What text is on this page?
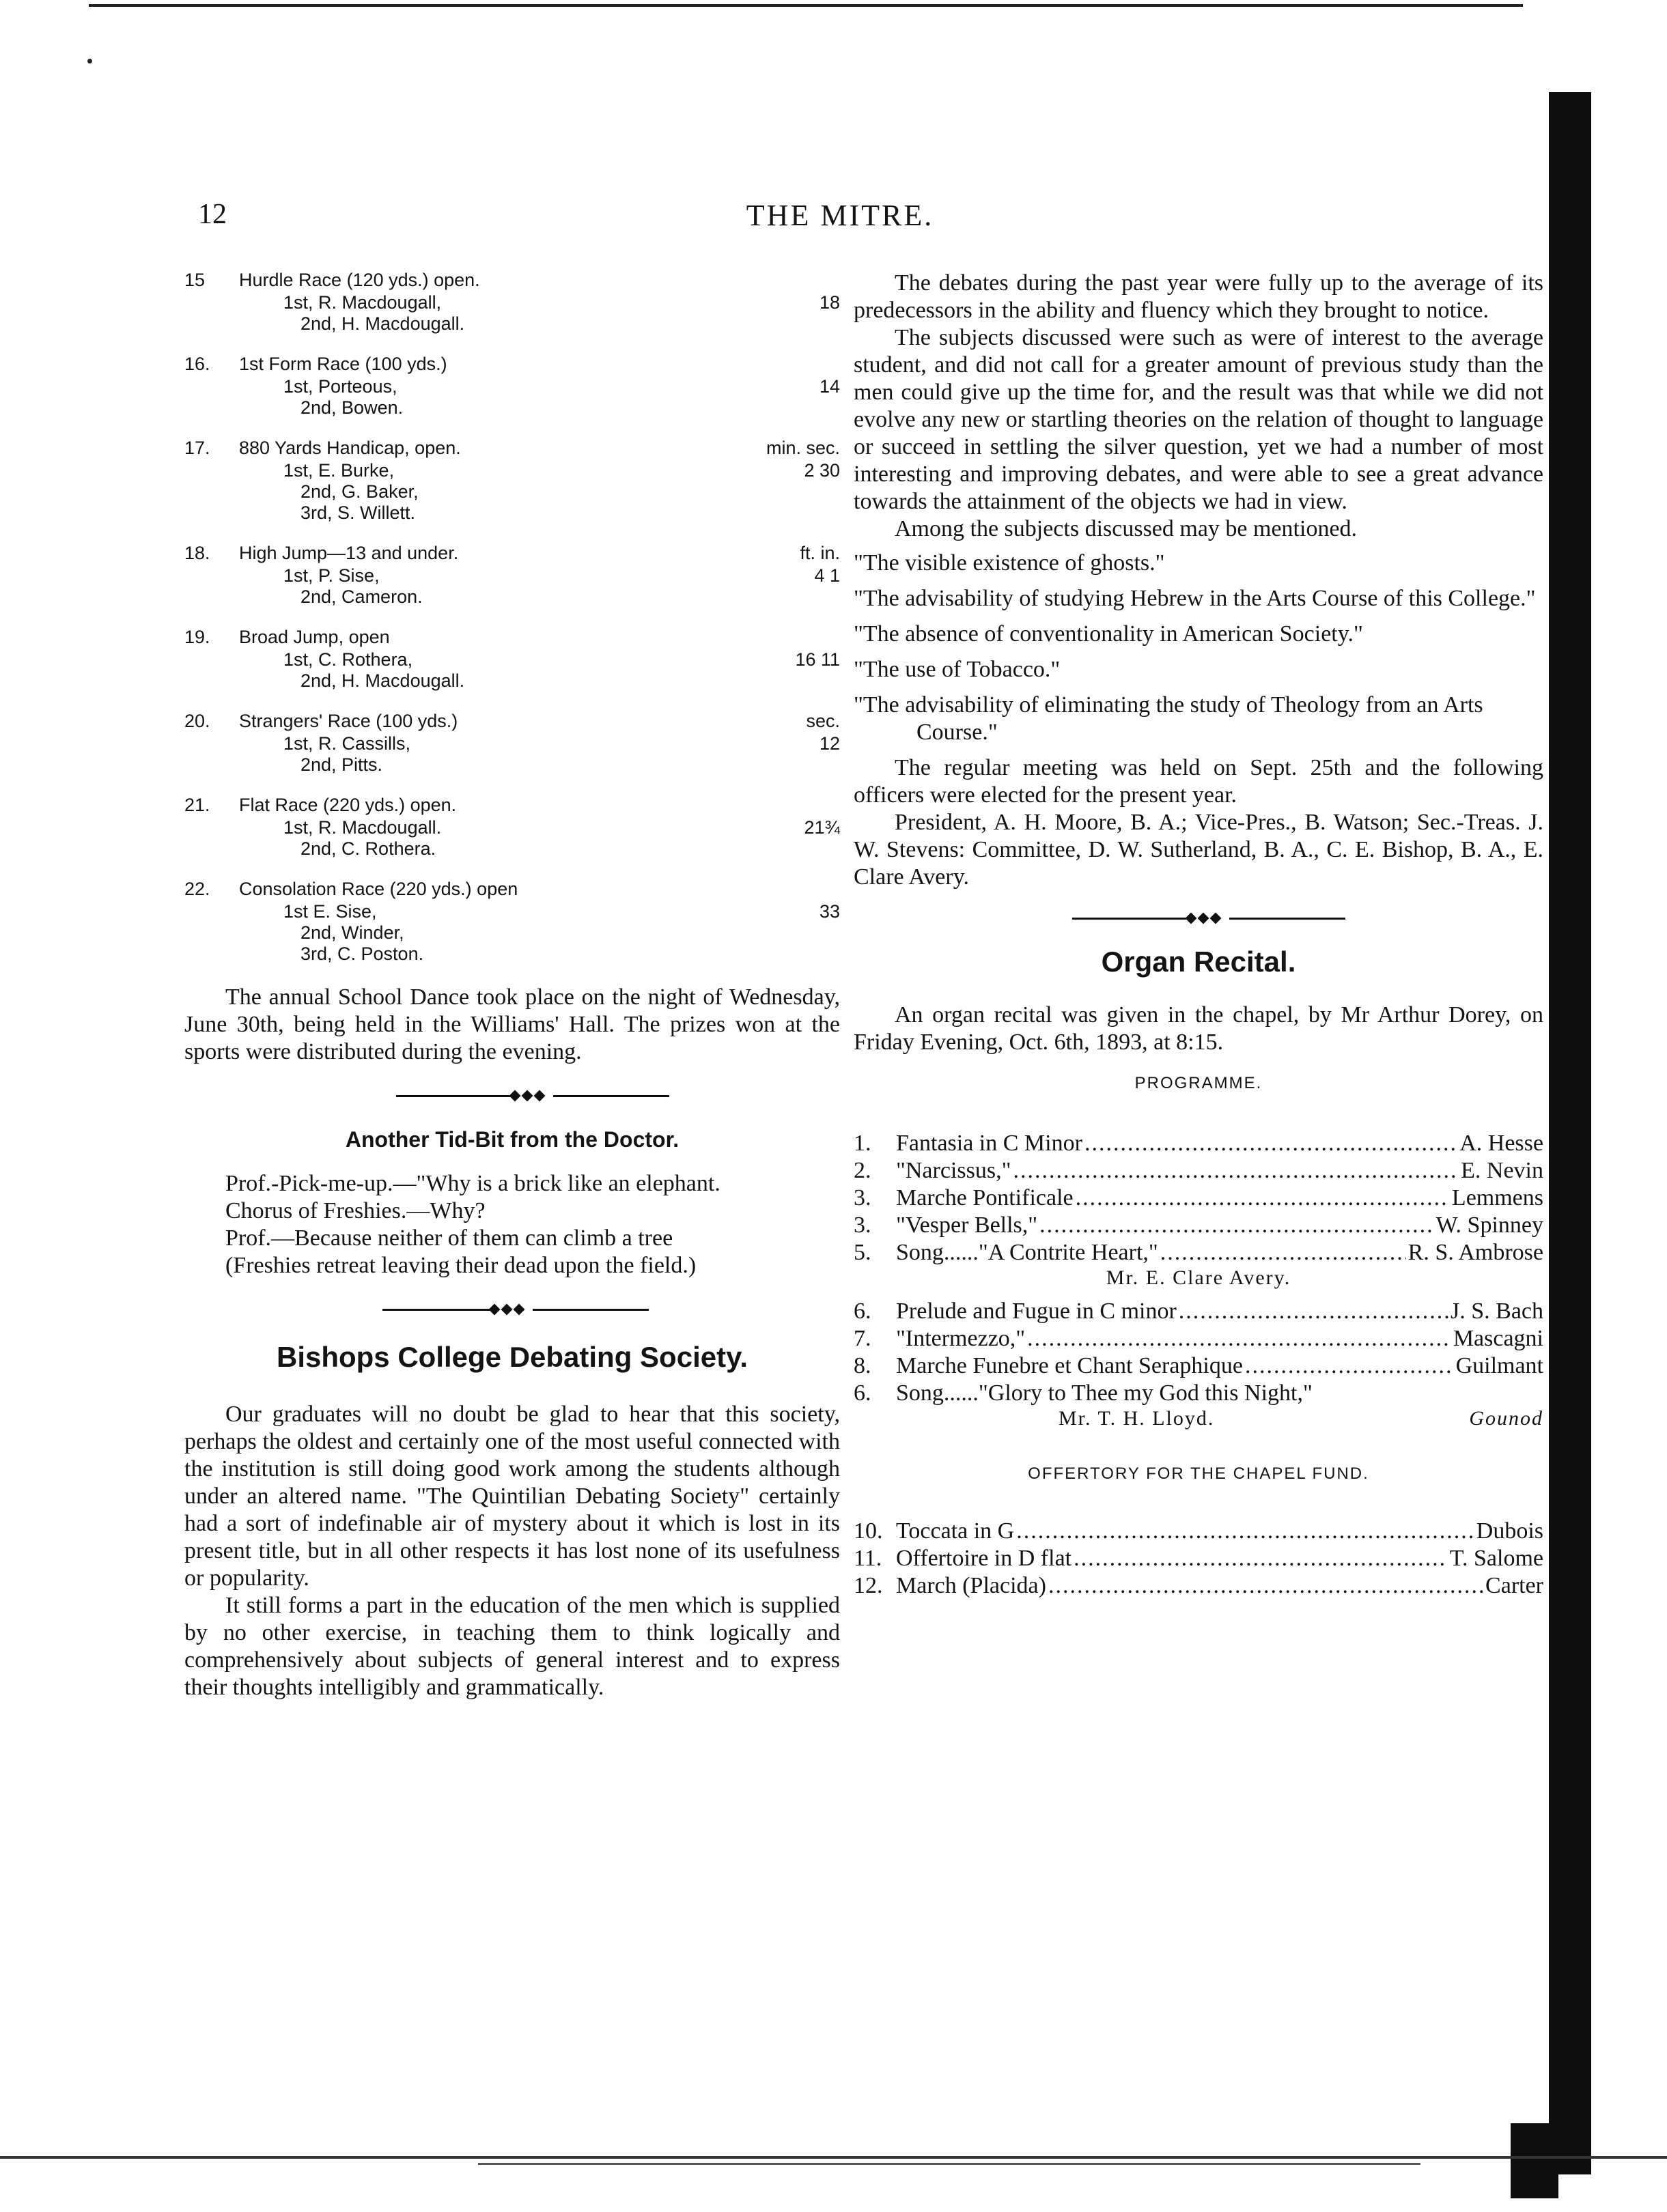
12	THE MITRE.
15 Hurdle Race (120 yds.) open.
1st, R. Macdougall,	18
2nd, H. Macdougall.
16. 1st Form Race (100 yds.)
1st, Porteous,	14
2nd, Bowen.
17. 880 Yards Handicap, open.	min. sec.
1st, E. Burke,	2 30
2nd, G. Baker,
3rd, S. Willett.
18. High Jump—13 and under.	ft. in.
1st, P. Sise,	4 1
2nd, Cameron.
19. Broad Jump, open
1st, C. Rothera,	16 11
2nd, H. Macdougall.
20. Strangers' Race (100 yds.)	sec.
1st, R. Cassills,	12
2nd, Pitts.
21. Flat Race (220 yds.) open.
1st, R. Macdougall.	21¾
2nd, C. Rothera.
22. Consolation Race (220 yds.) open
1st E. Sise,	33
2nd, Winder,
3rd, C. Poston.

The annual School Dance took place on the night of Wednesday, June 30th, being held in the Williams' Hall. The prizes won at the sports were distributed during the evening.

Another Tid-Bit from the Doctor.

Prof.-Pick-me-up.—"Why is a brick like an elephant.

Chorus of Freshies.—Why?

Prof.—Because neither of them can climb a tree

(Freshies retreat leaving their dead upon the field.)

Bishops College Debating Society.

Our graduates will no doubt be glad to hear that this society, perhaps the oldest and certainly one of the most useful connected with the institution is still doing good work among the students although under an altered name. "The Quintilian Debating Society" certainly had a sort of indefinable air of mystery about it which is lost in its present title, but in all other respects it has lost none of its usefulness or popularity.

It still forms a part in the education of the men which is supplied by no other exercise, in teaching them to think logically and comprehensively about subjects of general interest and to express their thoughts intelligibly and grammatically.

The debates during the past year were fully up to the average of its predecessors in the ability and fluency which they brought to notice.

The subjects discussed were such as were of interest to the average student, and did not call for a greater amount of previous study than the men could give up the time for, and the result was that while we did not evolve any new or startling theories on the relation of thought to language or succeed in settling the silver question, yet we had a number of most interesting and improving debates, and were able to see a great advance towards the attainment of the objects we had in view.

Among the subjects discussed may be mentioned.

"The visible existence of ghosts."

"The advisability of studying Hebrew in the Arts Course of this College."

"The absence of conventionality in American Society."

"The use of Tobacco."

"The advisability of eliminating the study of Theology from an Arts Course."

The regular meeting was held on Sept. 25th and the following officers were elected for the present year.

President, A. H. Moore, B. A.; Vice-Pres., B. Watson; Sec.-Treas. J. W. Stevens: Committee, D. W. Sutherland, B. A., C. E. Bishop, B. A., E. Clare Avery.

Organ Recital.

An organ recital was given in the chapel, by Mr Arthur Dorey, on Friday Evening, Oct. 6th, 1893, at 8:15.

PROGRAMME.
1.	Fantasia in C Minor .....	A. Hesse
2.	"Narcissus," .....	E. Nevin
3.	Marche Pontificale .....	Lemmens
3.	"Vesper Bells," .....	W. Spinney
5.	Song......"A Contrite Heart," .....	R. S. Ambrose
Mr. E. Clare Avery.
6.	Prelude and Fugue in C minor .....	J. S. Bach
7.	"Intermezzo," .....	Mascagni
8.	Marche Funebre et Chant Seraphique .....	Guilmant
6.	Song......"Glory to Thee my God this Night,"
Mr. T. H. Lloyd.	Gounod
OFFERTORY FOR THE CHAPEL FUND.
10. Toccata in G .....	Dubois
11. Offertoire in D flat .....	T. Salome
12. March (Placida) .....	Carter
